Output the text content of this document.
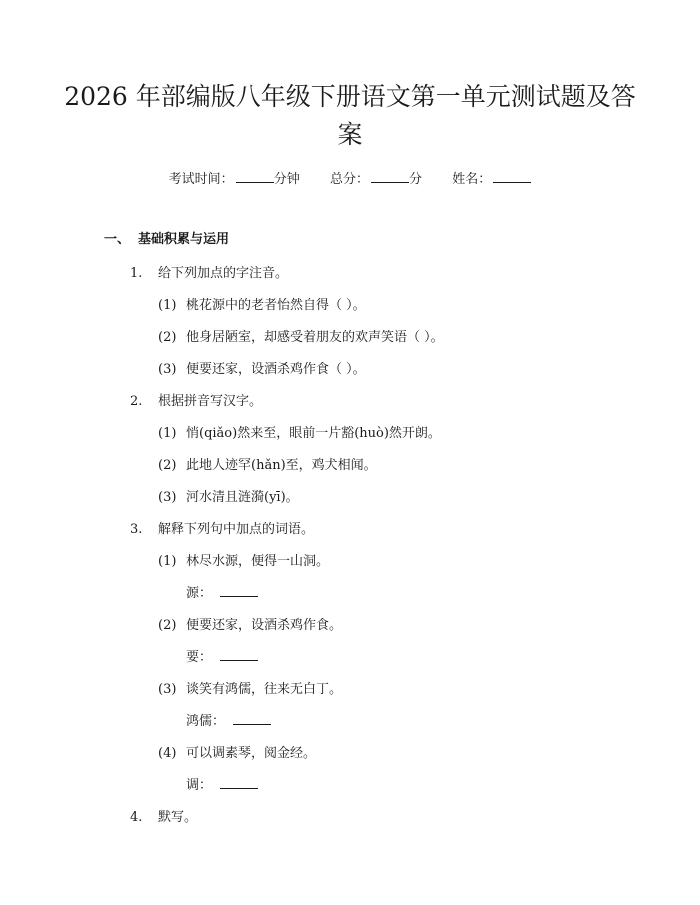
2026 年部编版八年级下册语文第一单元测试题及答案
考试时间：	分钟 总分：	分 姓名：
一、 基础积累与运用
1. 给下列加点的字注音。
(1) 桃花源中的老者怡然自得（ ）。
(2) 他身居陋室，却感受着朋友的欢声笑语（ ）。
(3) 便要还家，设酒杀鸡作食（ ）。
2. 根据拼音写汉字。
(1) 悄(qiǎo)然来至，眼前一片豁(huò)然开朗。
(2) 此地人迹罕(hǎn)至，鸡犬相闻。
(3) 河水清且涟漪(yī)。
3. 解释下列句中加点的词语。
(1) 林尽水源，便得一山洞。
源：
(2) 便要还家，设酒杀鸡作食。
要：
(3) 谈笑有鸿儒，往来无白丁。
鸿儒：
(4) 可以调素琴，阅金经。
调：
4. 默写。
